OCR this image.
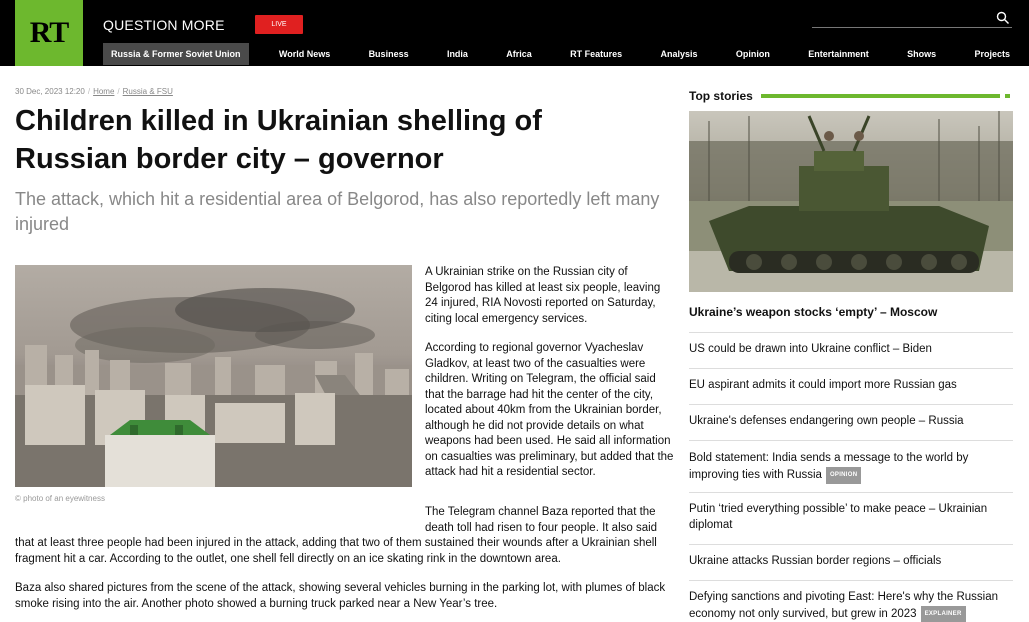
RT QUESTION MORE	LIVE
Russia & Former Soviet Union	World News	Business	India	Africa	RT Features	Analysis	Opinion	Entertainment	Shows	Projects
30 Dec, 2023 12:20 / Home / Russia & FSU
Children killed in Ukrainian shelling of Russian border city – governor

The attack, which hit a residential area of Belgorod, has also reportedly left many injured

© photo of an eyewitness

A Ukrainian strike on the Russian city of Belgorod has killed at least six people, leaving 24 injured, RIA Novosti reported on Saturday, citing local emergency services.

According to regional governor Vyacheslav Gladkov, at least two of the casualties were children. Writing on Telegram, the official said that the barrage had hit the center of the city, located about 40km from the Ukrainian border, although he did not provide details on what weapons had been used. He said all information on casualties was preliminary, but added that the attack had hit a residential sector.

The Telegram channel Baza reported that the death toll had risen to four people. It also said

that at least three people had been injured in the attack, adding that two of them sustained their wounds after a Ukrainian shell fragment hit a car. According to the outlet, one shell fell directly on an ice skating rink in the downtown area.

Baza also shared pictures from the scene of the attack, showing several vehicles burning in the parking lot, with plumes of black smoke rising into the air. Another photo showed a burning truck parked near a New Year’s tree.

Top stories
Ukraine’s weapon stocks ‘empty’ – Moscow
US could be drawn into Ukraine conflict – Biden
EU aspirant admits it could import more Russian gas
Ukraine's defenses endangering own people – Russia
Bold statement: India sends a message to the world by improving ties with Russia OPINION
Putin ‘tried everything possible’ to make peace – Ukrainian diplomat
Ukraine attacks Russian border regions – officials
Defying sanctions and pivoting East: Here's why the Russian economy not only survived, but grew in 2023 EXPLAINER
